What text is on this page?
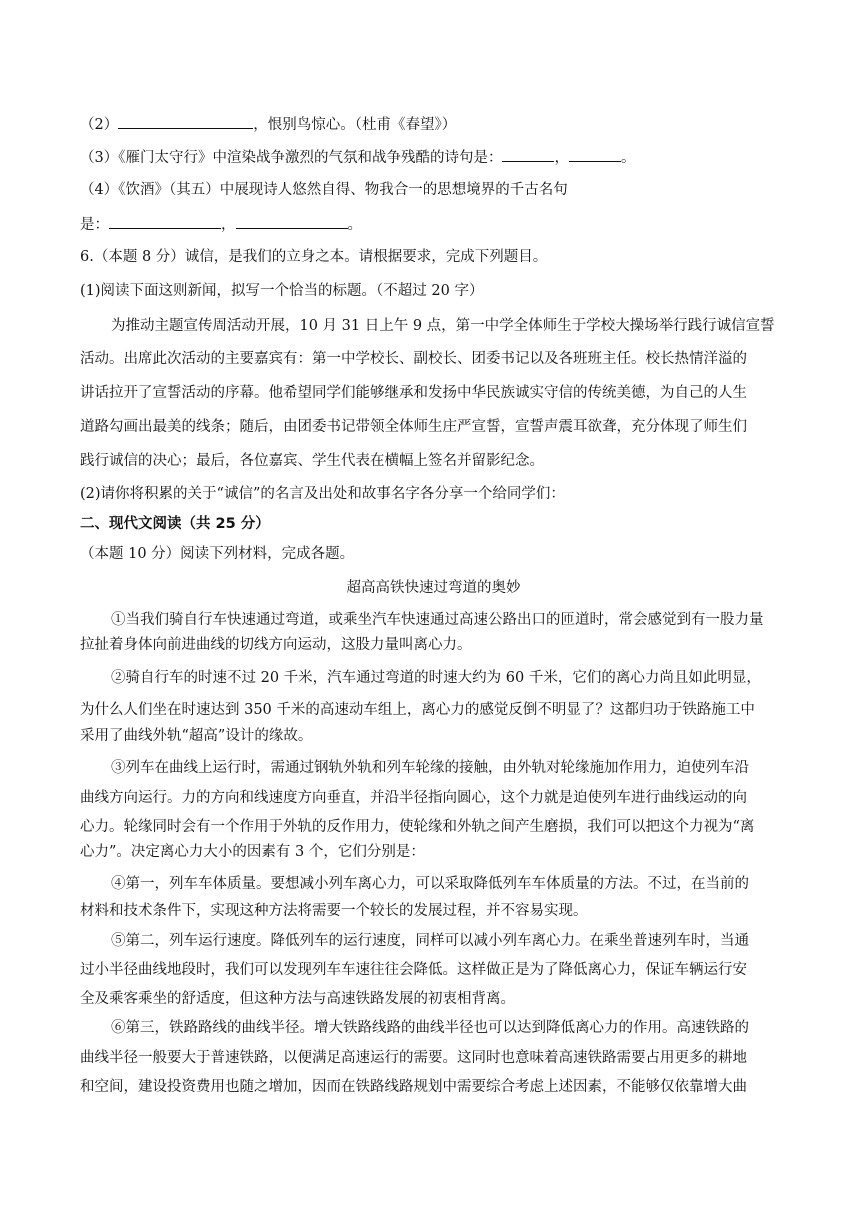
（2）	，恨别鸟惊心。（杜甫《春望》）
（3）《雁门太守行》中渲染战争激烈的气氛和战争残酷的诗句是：	，	。
（4）《饮酒》（其五）中展现诗人悠然自得、物我合一的思想境界的千古名句
是：	，	。
6.（本题 8 分）诚信，是我们的立身之本。请根据要求，完成下列题目。
(1)阅读下面这则新闻，拟写一个恰当的标题。（不超过 20 字）
为推动主题宣传周活动开展，10 月 31 日上午 9 点，第一中学全体师生于学校大操场举行践行诚信宣誓
活动。出席此次活动的主要嘉宾有：第一中学校长、副校长、团委书记以及各班班主任。校长热情洋溢的
讲话拉开了宣誓活动的序幕。他希望同学们能够继承和发扬中华民族诚实守信的传统美德，为自己的人生
道路勾画出最美的线条；随后，由团委书记带领全体师生庄严宣誓，宣誓声震耳欲聋，充分体现了师生们
践行诚信的决心；最后，各位嘉宾、学生代表在横幅上签名并留影纪念。
(2)请你将积累的关于“诚信”的名言及出处和故事名字各分享一个给同学们：
二、现代文阅读（共 25 分）
（本题 10 分）阅读下列材料，完成各题。
超高高铁快速过弯道的奥妙
①当我们骑自行车快速通过弯道，或乘坐汽车快速通过高速公路出口的匝道时，常会感觉到有一股力量
拉扯着身体向前进曲线的切线方向运动，这股力量叫离心力。
②骑自行车的时速不过 20 千米，汽车通过弯道的时速大约为 60 千米，它们的离心力尚且如此明显，
为什么人们坐在时速达到 350 千米的高速动车组上，离心力的感觉反倒不明显了？这都归功于铁路施工中
采用了曲线外轨“超高”设计的缘故。
③列车在曲线上运行时，需通过钢轨外轨和列车轮缘的接触，由外轨对轮缘施加作用力，迫使列车沿
曲线方向运行。力的方向和线速度方向垂直，并沿半径指向圆心，这个力就是迫使列车进行曲线运动的向
心力。轮缘同时会有一个作用于外轨的反作用力，使轮缘和外轨之间产生磨损，我们可以把这个力视为“离
心力”。决定离心力大小的因素有 3 个，它们分别是：
④第一，列车车体质量。要想减小列车离心力，可以采取降低列车车体质量的方法。不过，在当前的
材料和技术条件下，实现这种方法将需要一个较长的发展过程，并不容易实现。
⑤第二，列车运行速度。降低列车的运行速度，同样可以减小列车离心力。在乘坐普速列车时，当通
过小半径曲线地段时，我们可以发现列车车速往往会降低。这样做正是为了降低离心力，保证车辆运行安
全及乘客乘坐的舒适度，但这种方法与高速铁路发展的初衷相背离。
⑥第三，铁路路线的曲线半径。增大铁路线路的曲线半径也可以达到降低离心力的作用。高速铁路的
曲线半径一般要大于普速铁路，以便满足高速运行的需要。这同时也意味着高速铁路需要占用更多的耕地
和空间，建设投资费用也随之增加，因而在铁路线路规划中需要综合考虑上述因素，不能够仅依靠增大曲
